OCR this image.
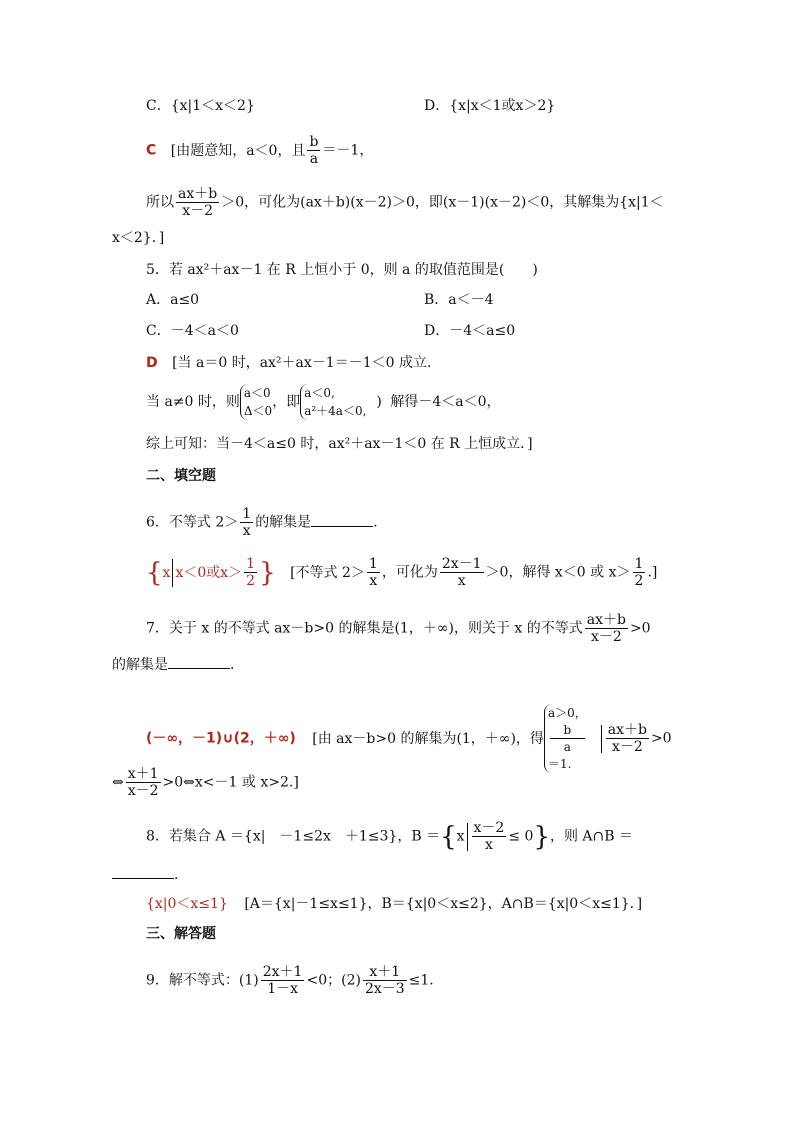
C．{x|1＜x＜2}	D．{x|x＜1或x＞2}
C [由题意知，a＜0，且 $\frac{b}{a} =-1$，
所以 $\frac{ax+b}{x-2} >0$，可化为(ax＋b)(x－2)＞0，即(x－1)(x－2)＜0，其解集为{x|1＜
x＜2}．]
5．若 ax²＋ax－1 在 R 上恒小于 0，则 a 的取值范围是(　　)
A．a≤0	B．a＜－4
C．－4＜a＜0	D．－4＜a≤0
D [当 a＝0 时，ax²＋ax－1＝－1＜0 成立．
当 a≠0 时，则
a＜0
Δ＜0
，即
a＜0,
a²＋4a＜0,
) 解得－4＜a＜0，
综上可知：当－4＜a≤0 时，ax²＋ax－1＜0 在 R 上恒成立．]
二、填空题
6．不等式 $2> \frac{1}{x}$ 的解集是	.
{x x＜0或$x> \frac{1}{2}$ } [不等式 $2> \frac{1}{x}$ ，可化为 $\frac{2x-1}{x} >0$，解得 x＜0 或 $x> \frac{1}{2}$ .]
7．关于 x 的不等式 ax－b>0 的解集是(1，＋∞)，则关于 x 的不等式 $\frac{ax+b}{x-2} >0$
的解集是	.
(－∞，－1)∪(2，＋∞) [由 ax－b>0 的解集为(1，＋∞)，得
a＞0，
b
a
＝1.
$\frac{ax+b}{x-2} >0$
⇔ $\frac{x+1}{x-2}$ >0⇔x<－1 或 x>2.]
8．若集合 A ＝{x|　－1≤2x　＋1≤3}，$B =\{x \frac{x-2}{x} \le 0\}$，则 A∩B ＝
.
{x|0＜x≤1} [A＝{x|－1≤x≤1}，B＝{x|0＜x≤2}，A∩B＝{x|0＜x≤1}．]
三、解答题
9．解不等式：$(1) \frac{2x+1}{1-x} <0$；$(2) \frac{x+1}{2x-3} \le 1$.
